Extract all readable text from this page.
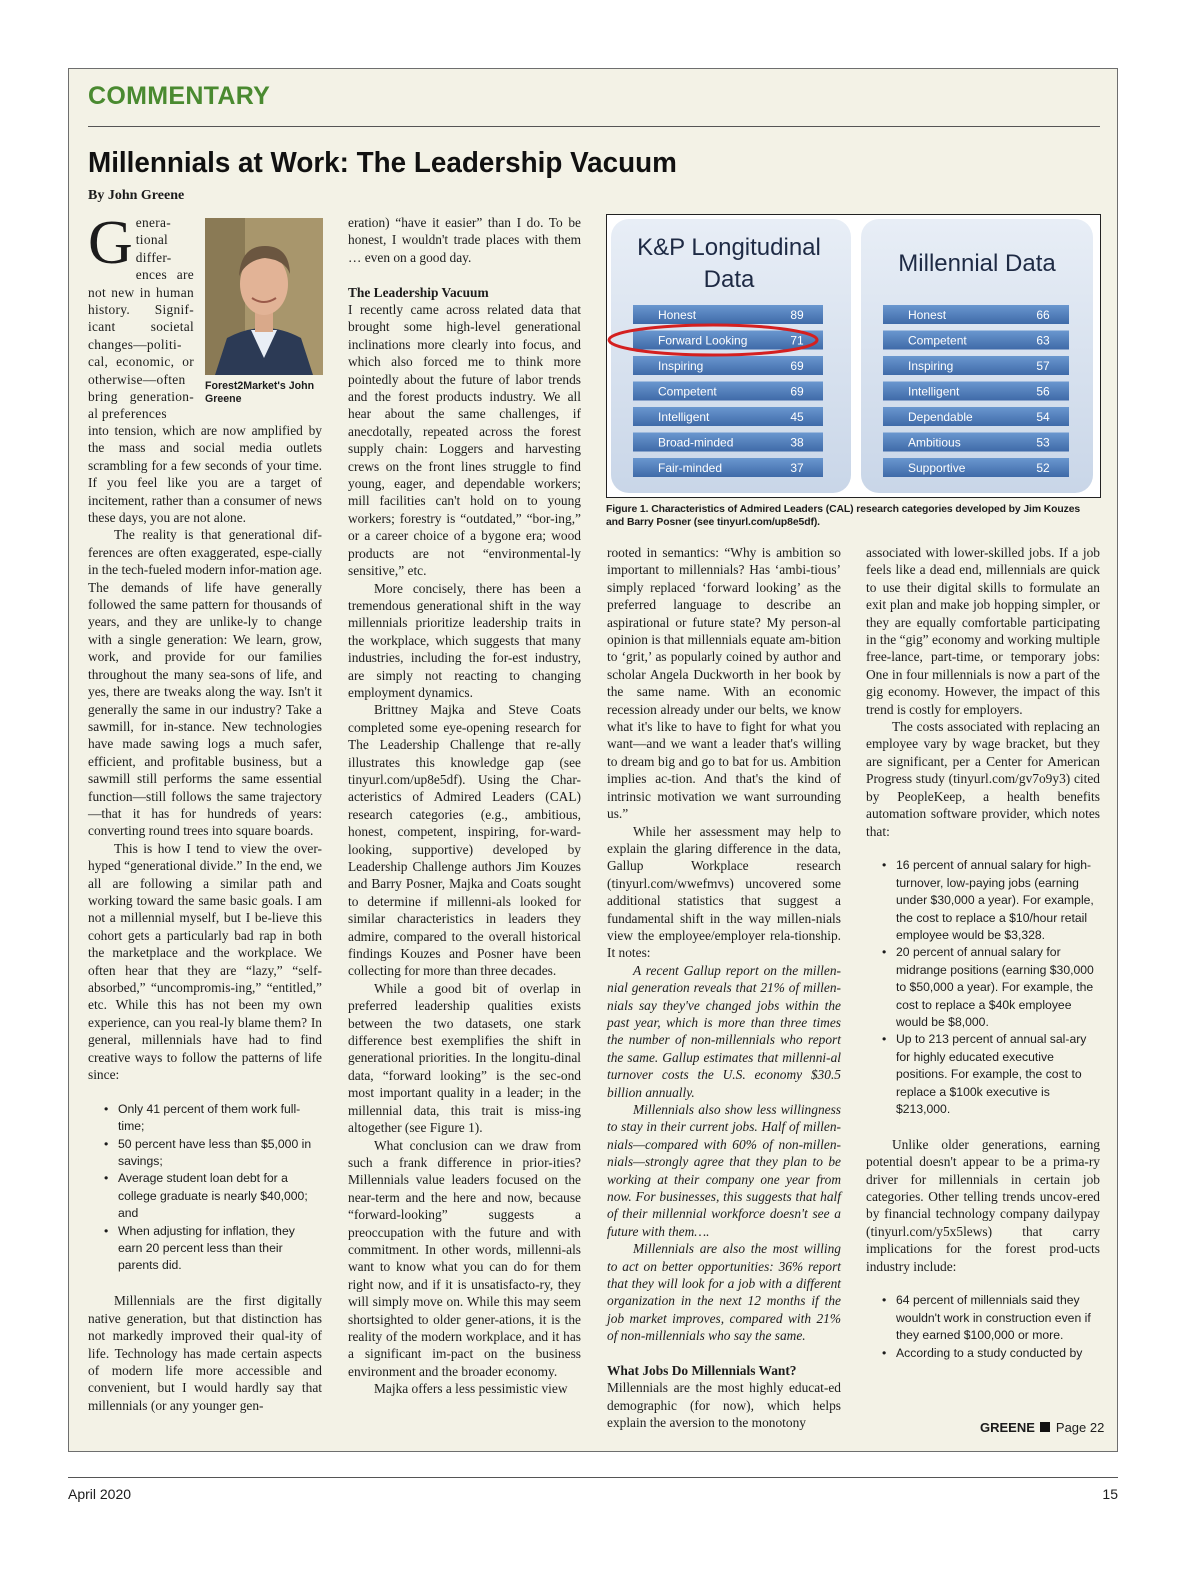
COMMENTARY
Millennials at Work: The Leadership Vacuum
By John Greene
G enera-tional differ-ences are not new in human history. Signif-icant societal changes—politi-cal, economic, or otherwise—often bring generation-al preferences

into tension, which are now amplified by the mass and social media outlets scrambling for a few seconds of your time. If you feel like you are a target of incitement, rather than a consumer of news these days, you are not alone.

The reality is that generational dif-ferences are often exaggerated, espe-cially in the tech-fueled modern infor-mation age. The demands of life have generally followed the same pattern for thousands of years, and they are unlike-ly to change with a single generation: We learn, grow, work, and provide for our families throughout the many sea-sons of life, and yes, there are tweaks along the way. Isn't it generally the same in our industry? Take a sawmill, for in-stance. New technologies have made sawing logs a much safer, efficient, and profitable business, but a sawmill still performs the same essential function—still follows the same trajectory—that it has for hundreds of years: converting round trees into square boards.

This is how I tend to view the over-hyped “generational divide.” In the end, we all are following a similar path and working toward the same basic goals. I am not a millennial myself, but I be-lieve this cohort gets a particularly bad rap in both the marketplace and the workplace. We often hear that they are “lazy,” “self-absorbed,” “uncompromis-ing,” “entitled,” etc. While this has not been my own experience, can you real-ly blame them? In general, millennials have had to find creative ways to follow the patterns of life since:

• Only 41 percent of them work full-time;
• 50 percent have less than $5,000 in savings;
• Average student loan debt for a college graduate is nearly $40,000; and
• When adjusting for inflation, they earn 20 percent less than their parents did.

Millennials are the first digitally native generation, but that distinction has not markedly improved their qual-ity of life. Technology has made certain aspects of modern life more accessible and convenient, but I would hardly say that millennials (or any younger gen-

Forest2Market's John Greene

eration) “have it easier” than I do. To be honest, I wouldn't trade places with them … even on a good day.

The Leadership Vacuum

I recently came across related data that brought some high-level generational inclinations more clearly into focus, and which also forced me to think more pointedly about the future of labor trends and the forest products industry. We all hear about the same challenges, if anecdotally, repeated across the forest supply chain: Loggers and harvesting crews on the front lines struggle to find young, eager, and dependable workers; mill facilities can't hold on to young workers; forestry is “outdated,” “bor-ing,” or a career choice of a bygone era; wood products are not “environmental-ly sensitive,” etc.

More concisely, there has been a tremendous generational shift in the way millennials prioritize leadership traits in the workplace, which suggests that many industries, including the for-est industry, are simply not reacting to changing employment dynamics.

Brittney Majka and Steve Coats completed some eye-opening research for The Leadership Challenge that re-ally illustrates this knowledge gap (see tinyurl.com/up8e5df). Using the Char-acteristics of Admired Leaders (CAL) research categories (e.g., ambitious, honest, competent, inspiring, for-ward-looking, supportive) developed by Leadership Challenge authors Jim Kouzes and Barry Posner, Majka and Coats sought to determine if millenni-als looked for similar characteristics in leaders they admire, compared to the overall historical findings Kouzes and Posner have been collecting for more than three decades.

While a good bit of overlap in preferred leadership qualities exists between the two datasets, one stark difference best exemplifies the shift in generational priorities. In the longitu-dinal data, “forward looking” is the sec-ond most important quality in a leader; in the millennial data, this trait is miss-ing altogether (see Figure 1).

What conclusion can we draw from such a frank difference in prior-ities? Millennials value leaders focused on the near-term and the here and now, because “forward-looking” suggests a preoccupation with the future and with commitment. In other words, millenni-als want to know what you can do for them right now, and if it is unsatisfacto-ry, they will simply move on. While this may seem shortsighted to older gener-ations, it is the reality of the modern workplace, and it has a significant im-pact on the business environment and the broader economy.

Majka offers a less pessimistic view

K&P Longitudinal
Data
Millennial Data
Honest	89
Forward Looking	71
Inspiring	69
Competent	69
Intelligent	45
Broad-minded	38
Fair-minded	37
Honest	66
Competent	63
Inspiring	57
Intelligent	56
Dependable	54
Ambitious	53
Supportive	52
Figure 1. Characteristics of Admired Leaders (CAL) research categories developed by Jim Kouzes and Barry Posner (see tinyurl.com/up8e5df).

rooted in semantics: “Why is ambition so important to millennials? Has ‘ambi-tious’ simply replaced ‘forward looking’ as the preferred language to describe an aspirational or future state? My person-al opinion is that millennials equate am-bition to ‘grit,’ as popularly coined by author and scholar Angela Duckworth in her book by the same name. With an economic recession already under our belts, we know what it's like to have to fight for what you want—and we want a leader that's willing to dream big and go to bat for us. Ambition implies ac-tion. And that's the kind of intrinsic motivation we want surrounding us.”

While her assessment may help to explain the glaring difference in the data, Gallup Workplace research (tinyurl.com/wwefmvs) uncovered some additional statistics that suggest a fundamental shift in the way millen-nials view the employee/employer rela-tionship. It notes:

A recent Gallup report on the millen-nial generation reveals that 21% of millen-nials say they've changed jobs within the past year, which is more than three times the number of non-millennials who report the same. Gallup estimates that millenni-al turnover costs the U.S. economy $30.5 billion annually.

Millennials also show less willingness to stay in their current jobs. Half of millen-nials—compared with 60% of non-millen-nials—strongly agree that they plan to be working at their company one year from now. For businesses, this suggests that half of their millennial workforce doesn't see a future with them….

Millennials are also the most willing to act on better opportunities: 36% report that they will look for a job with a different organization in the next 12 months if the job market improves, compared with 21% of non-millennials who say the same.

What Jobs Do Millennials Want?

Millennials are the most highly educat-ed demographic (for now), which helps explain the aversion to the monotony

associated with lower-skilled jobs. If a job feels like a dead end, millennials are quick to use their digital skills to formulate an exit plan and make job hopping simpler, or they are equally comfortable participating in the “gig” economy and working multiple free-lance, part-time, or temporary jobs: One in four millennials is now a part of the gig economy. However, the impact of this trend is costly for employers.

The costs associated with replacing an employee vary by wage bracket, but they are significant, per a Center for American Progress study (tinyurl.com/gv7o9y3) cited by PeopleKeep, a health benefits automation software provider, which notes that:

• 16 percent of annual salary for high-turnover, low-paying jobs (earning under $30,000 a year). For example, the cost to replace a $10/hour retail employee would be $3,328.
• 20 percent of annual salary for midrange positions (earning $30,000 to $50,000 a year). For example, the cost to replace a $40k employee would be $8,000.
• Up to 213 percent of annual sal-ary for highly educated executive positions. For example, the cost to replace a $100k executive is $213,000.

Unlike older generations, earning potential doesn't appear to be a prima-ry driver for millennials in certain job categories. Other telling trends uncov-ered by financial technology company dailypay (tinyurl.com/y5x5lews) that carry implications for the forest prod-ucts industry include:

• 64 percent of millennials said they wouldn't work in construction even if they earned $100,000 or more.
• According to a study conducted by
GREENE Page 22
April 2020	15
